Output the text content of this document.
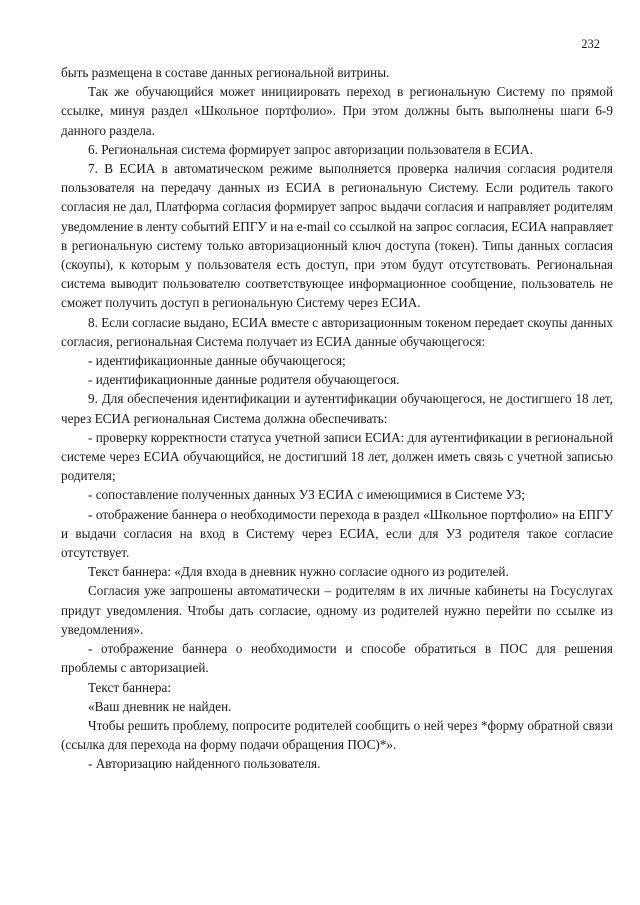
232

быть размещена в составе данных региональной витрины.

Так же обучающийся может инициировать переход в региональную Систему по прямой ссылке, минуя раздел «Школьное портфолио». При этом должны быть выполнены шаги 6-9 данного раздела.

6. Региональная система формирует запрос авторизации пользователя в ЕСИА.

7. В ЕСИА в автоматическом режиме выполняется проверка наличия согласия родителя пользователя на передачу данных из ЕСИА в региональную Систему. Если родитель такого согласия не дал, Платформа согласия формирует запрос выдачи согласия и направляет родителям уведомление в ленту событий ЕПГУ и на e-mail со ссылкой на запрос согласия, ЕСИА направляет в региональную систему только авторизационный ключ доступа (токен). Типы данных согласия (скоупы), к которым у пользователя есть доступ, при этом будут отсутствовать. Региональная система выводит пользователю соответствующее информационное сообщение, пользователь не сможет получить доступ в региональную Систему через ЕСИА.

8. Если согласие выдано, ЕСИА вместе с авторизационным токеном передает скоупы данных согласия, региональная Система получает из ЕСИА данные обучающегося:

- идентификационные данные обучающегося;

- идентификационные данные родителя обучающегося.

9. Для обеспечения идентификации и аутентификации обучающегося, не достигшего 18 лет, через ЕСИА региональная Система должна обеспечивать:

- проверку корректности статуса учетной записи ЕСИА: для аутентификации в региональной системе через ЕСИА обучающийся, не достигший 18 лет, должен иметь связь с учетной записью родителя;

- сопоставление полученных данных УЗ ЕСИА с имеющимися в Системе УЗ;

- отображение баннера о необходимости перехода в раздел «Школьное портфолио» на ЕПГУ и выдачи согласия на вход в Систему через ЕСИА, если для УЗ родителя такое согласие отсутствует.

Текст баннера: «Для входа в дневник нужно согласие одного из родителей.

Согласия уже запрошены автоматически – родителям в их личные кабинеты на Госуслугах придут уведомления. Чтобы дать согласие, одному из родителей нужно перейти по ссылке из уведомления».

- отображение баннера о необходимости и способе обратиться в ПОС для решения проблемы с авторизацией.

Текст баннера:

«Ваш дневник не найден.

Чтобы решить проблему, попросите родителей сообщить о ней через *форму обратной связи (ссылка для перехода на форму подачи обращения ПОС)*».

- Авторизацию найденного пользователя.
